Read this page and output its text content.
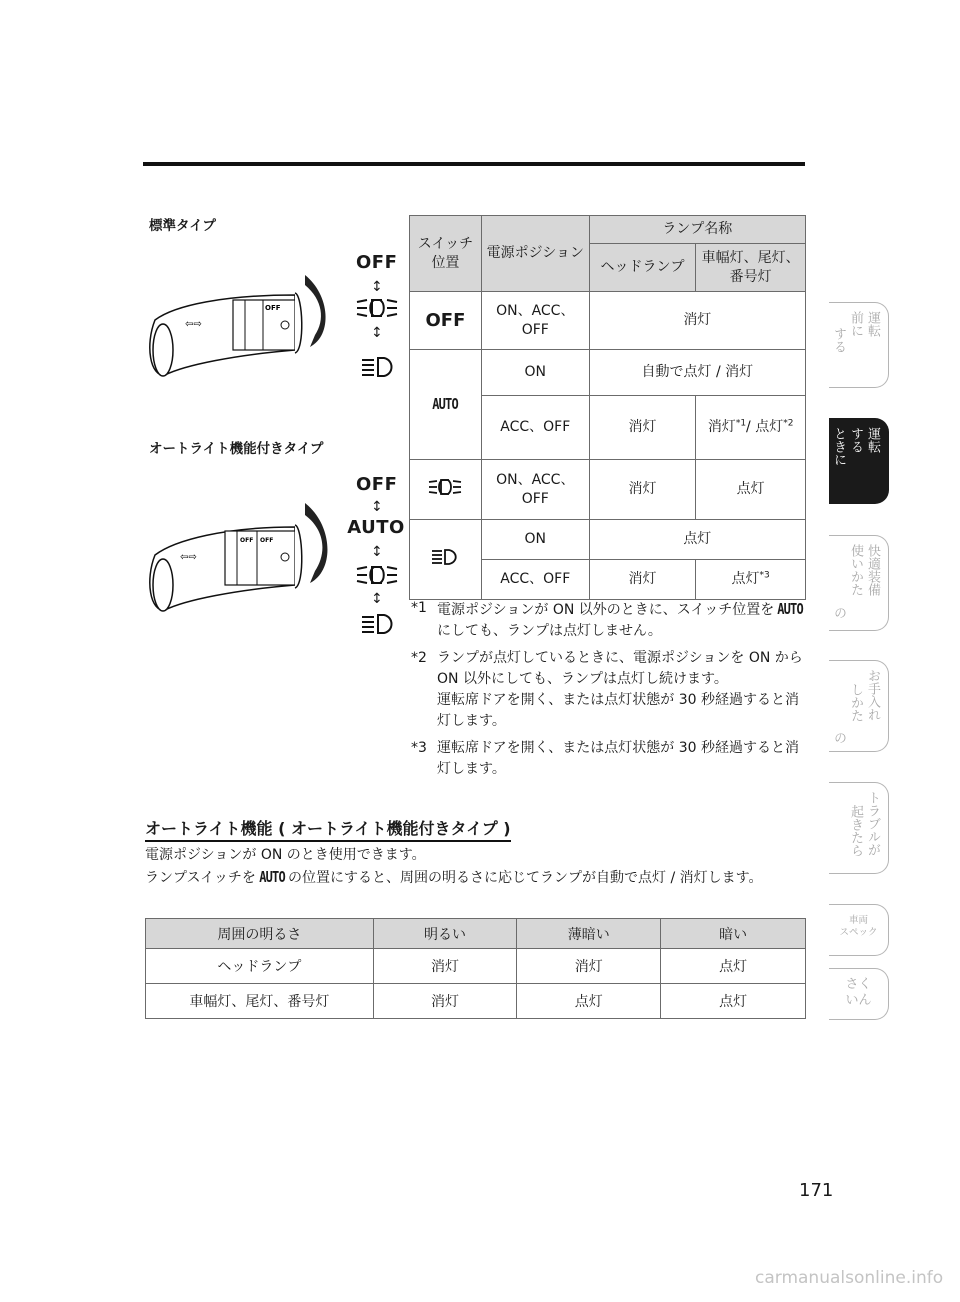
標準タイプ
⇦⇨
OFF
OFF
↕
↕
オートライト機能付きタイプ
⇦⇨
OFF OFF
OFF
↕
AUTO
↕
↕
スイッチ位置	電源ポジション	ランプ名称	
		ヘッドランプ	車幅灯、尾灯、番号灯
OFF	ON、ACC、OFF	消灯	
AUTO	ON	自動で点灯 / 消灯	
	ACC、OFF	消灯	消灯$^{*1}$/ 点灯$^{*2}$
	ON、ACC、OFF	消灯	点灯
	ON	点灯	
	ACC、OFF	消灯	点灯$^{*3}$
*1 電源ポジションが ON 以外のときに、スイッチ位置を AUTOにしても、ランプは点灯しません。
*2 ランプが点灯しているときに、電源ポジションを ON から ON 以外にしても、ランプは点灯し続けます。
運転席ドアを開く、または点灯状態が 30 秒経過すると消灯します。
*3 運転席ドアを開く、または点灯状態が 30 秒経過すると消灯します。
オートライト機能 ( オートライト機能付きタイプ )
電源ポジションが ON のとき使用できます。
ランプスイッチを AUTO の位置にすると、周囲の明るさに応じてランプが自動で点灯 / 消灯します。
周囲の明るさ	明るい	薄暗い	暗い
ヘッドランプ	消灯	消灯	点灯
車幅灯、尾灯、番号灯	消灯	点灯	点灯
運転
前に
する
運転
する
ときに
快適装備
使いかた
の
お手入れ
しかた
の
トラブルが
起きたら
車両
スペック
さく
いん
171
carmanualsonline.info
